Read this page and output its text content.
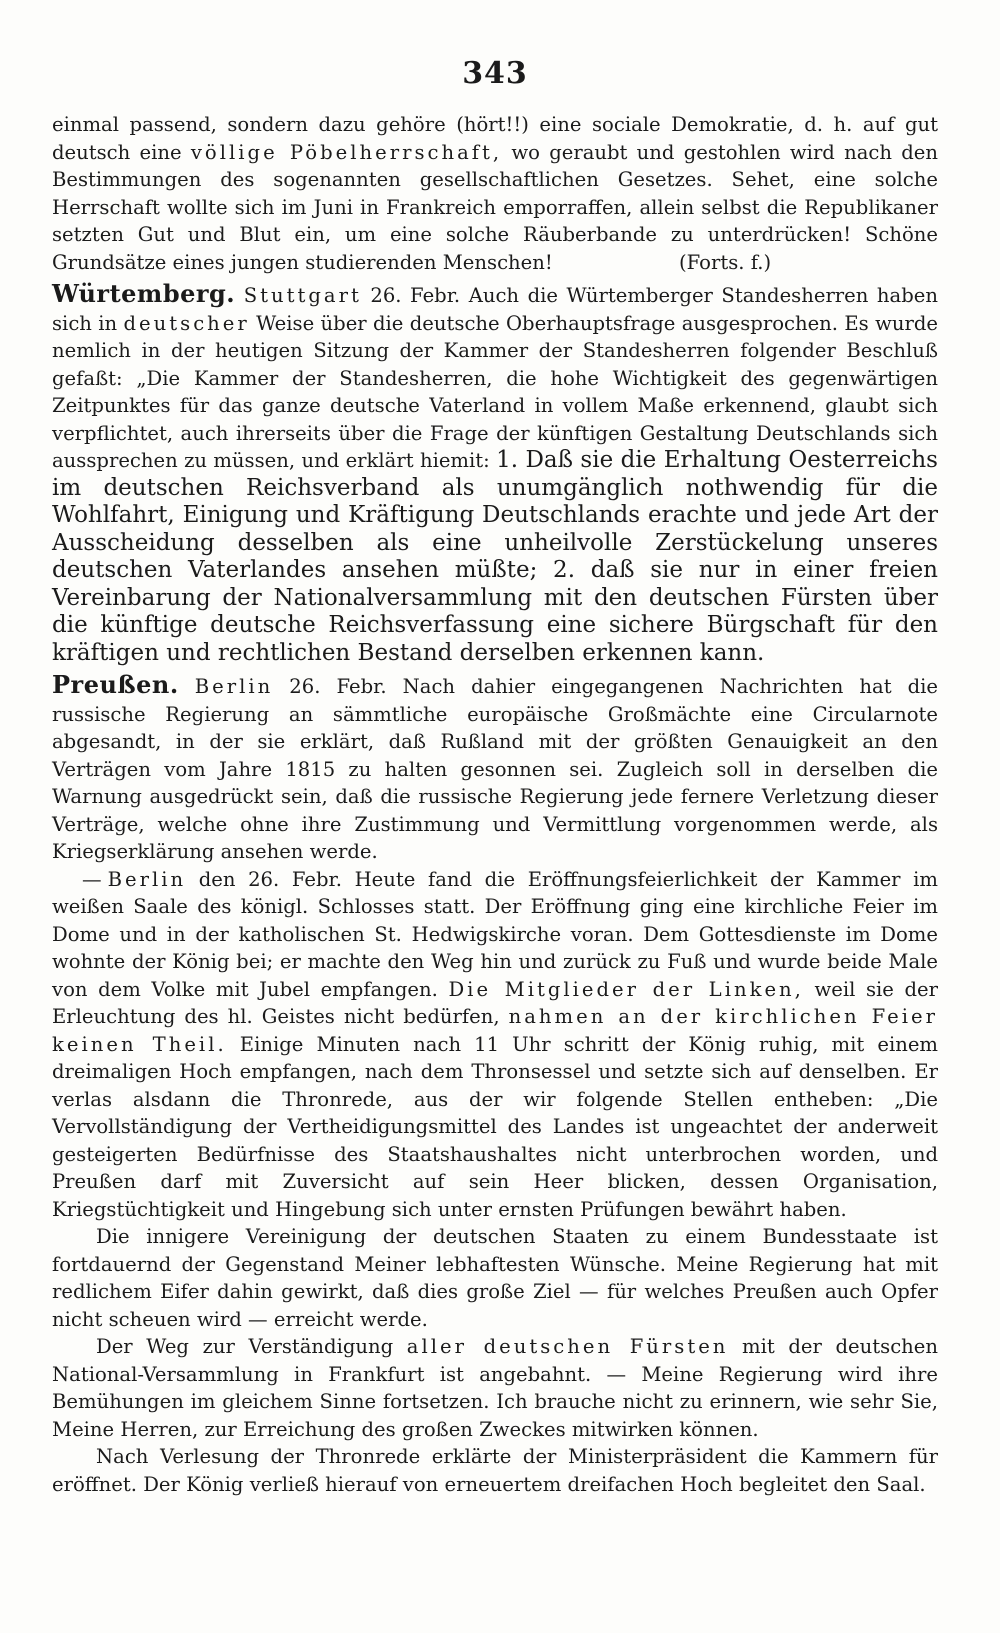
343

einmal passend, sondern dazu gehöre (hört!!) eine sociale Demokratie, d. h. auf gut deutsch eine völlige Pöbelherrschaft, wo geraubt und gestohlen wird nach den Bestimmungen des sogenannten gesellschaftlichen Gesetzes. Sehet, eine solche Herrschaft wollte sich im Juni in Frankreich emporraffen, allein selbst die Republikaner setzten Gut und Blut ein, um eine solche Räuberbande zu unterdrücken! Schöne Grundsätze eines jungen studierenden Menschen!	(Forts. f.)

Würtemberg. Stuttgart 26. Febr. Auch die Würtemberger Standesherren haben sich in deutscher Weise über die deutsche Oberhauptsfrage ausgesprochen. Es wurde nemlich in der heutigen Sitzung der Kammer der Standesherren folgender Beschluß gefaßt: „Die Kammer der Standesherren, die hohe Wichtigkeit des gegenwärtigen Zeitpunktes für das ganze deutsche Vaterland in vollem Maße erkennend, glaubt sich verpflichtet, auch ihrerseits über die Frage der künftigen Gestaltung Deutschlands sich aussprechen zu müssen, und erklärt hiemit: 1. Daß sie die Erhaltung Oesterreichs im deutschen Reichsverband als unumgänglich nothwendig für die Wohlfahrt, Einigung und Kräftigung Deutschlands erachte und jede Art der Ausscheidung desselben als eine unheilvolle Zerstückelung unseres deutschen Vaterlandes ansehen müßte; 2. daß sie nur in einer freien Vereinbarung der Nationalversammlung mit den deutschen Fürsten über die künftige deutsche Reichsverfassung eine sichere Bürgschaft für den kräftigen und rechtlichen Bestand derselben erkennen kann.

Preußen. Berlin 26. Febr. Nach dahier eingegangenen Nachrichten hat die russische Regierung an sämmtliche europäische Großmächte eine Circularnote abgesandt, in der sie erklärt, daß Rußland mit der größten Genauigkeit an den Verträgen vom Jahre 1815 zu halten gesonnen sei. Zugleich soll in derselben die Warnung ausgedrückt sein, daß die russische Regierung jede fernere Verletzung dieser Verträge, welche ohne ihre Zustimmung und Vermittlung vorgenommen werde, als Kriegserklärung ansehen werde.

— Berlin den 26. Febr. Heute fand die Eröffnungsfeierlichkeit der Kammer im weißen Saale des königl. Schlosses statt. Der Eröffnung ging eine kirchliche Feier im Dome und in der katholischen St. Hedwigskirche voran. Dem Gottesdienste im Dome wohnte der König bei; er machte den Weg hin und zurück zu Fuß und wurde beide Male von dem Volke mit Jubel empfangen. Die Mitglieder der Linken, weil sie der Erleuchtung des hl. Geistes nicht bedürfen, nahmen an der kirchlichen Feier keinen Theil. Einige Minuten nach 11 Uhr schritt der König ruhig, mit einem dreimaligen Hoch empfangen, nach dem Thronsessel und setzte sich auf denselben. Er verlas alsdann die Thronrede, aus der wir folgende Stellen entheben: „Die Vervollständigung der Vertheidigungsmittel des Landes ist ungeachtet der anderweit gesteigerten Bedürfnisse des Staatshaushaltes nicht unterbrochen worden, und Preußen darf mit Zuversicht auf sein Heer blicken, dessen Organisation, Kriegstüchtigkeit und Hingebung sich unter ernsten Prüfungen bewährt haben.

Die innigere Vereinigung der deutschen Staaten zu einem Bundesstaate ist fortdauernd der Gegenstand Meiner lebhaftesten Wünsche. Meine Regierung hat mit redlichem Eifer dahin gewirkt, daß dies große Ziel — für welches Preußen auch Opfer nicht scheuen wird — erreicht werde.

Der Weg zur Verständigung aller deutschen Fürsten mit der deutschen National-Versammlung in Frankfurt ist angebahnt. — Meine Regierung wird ihre Bemühungen im gleichem Sinne fortsetzen. Ich brauche nicht zu erinnern, wie sehr Sie, Meine Herren, zur Erreichung des großen Zweckes mitwirken können.

Nach Verlesung der Thronrede erklärte der Ministerpräsident die Kammern für eröffnet. Der König verließ hierauf von erneuertem dreifachen Hoch begleitet den Saal.
